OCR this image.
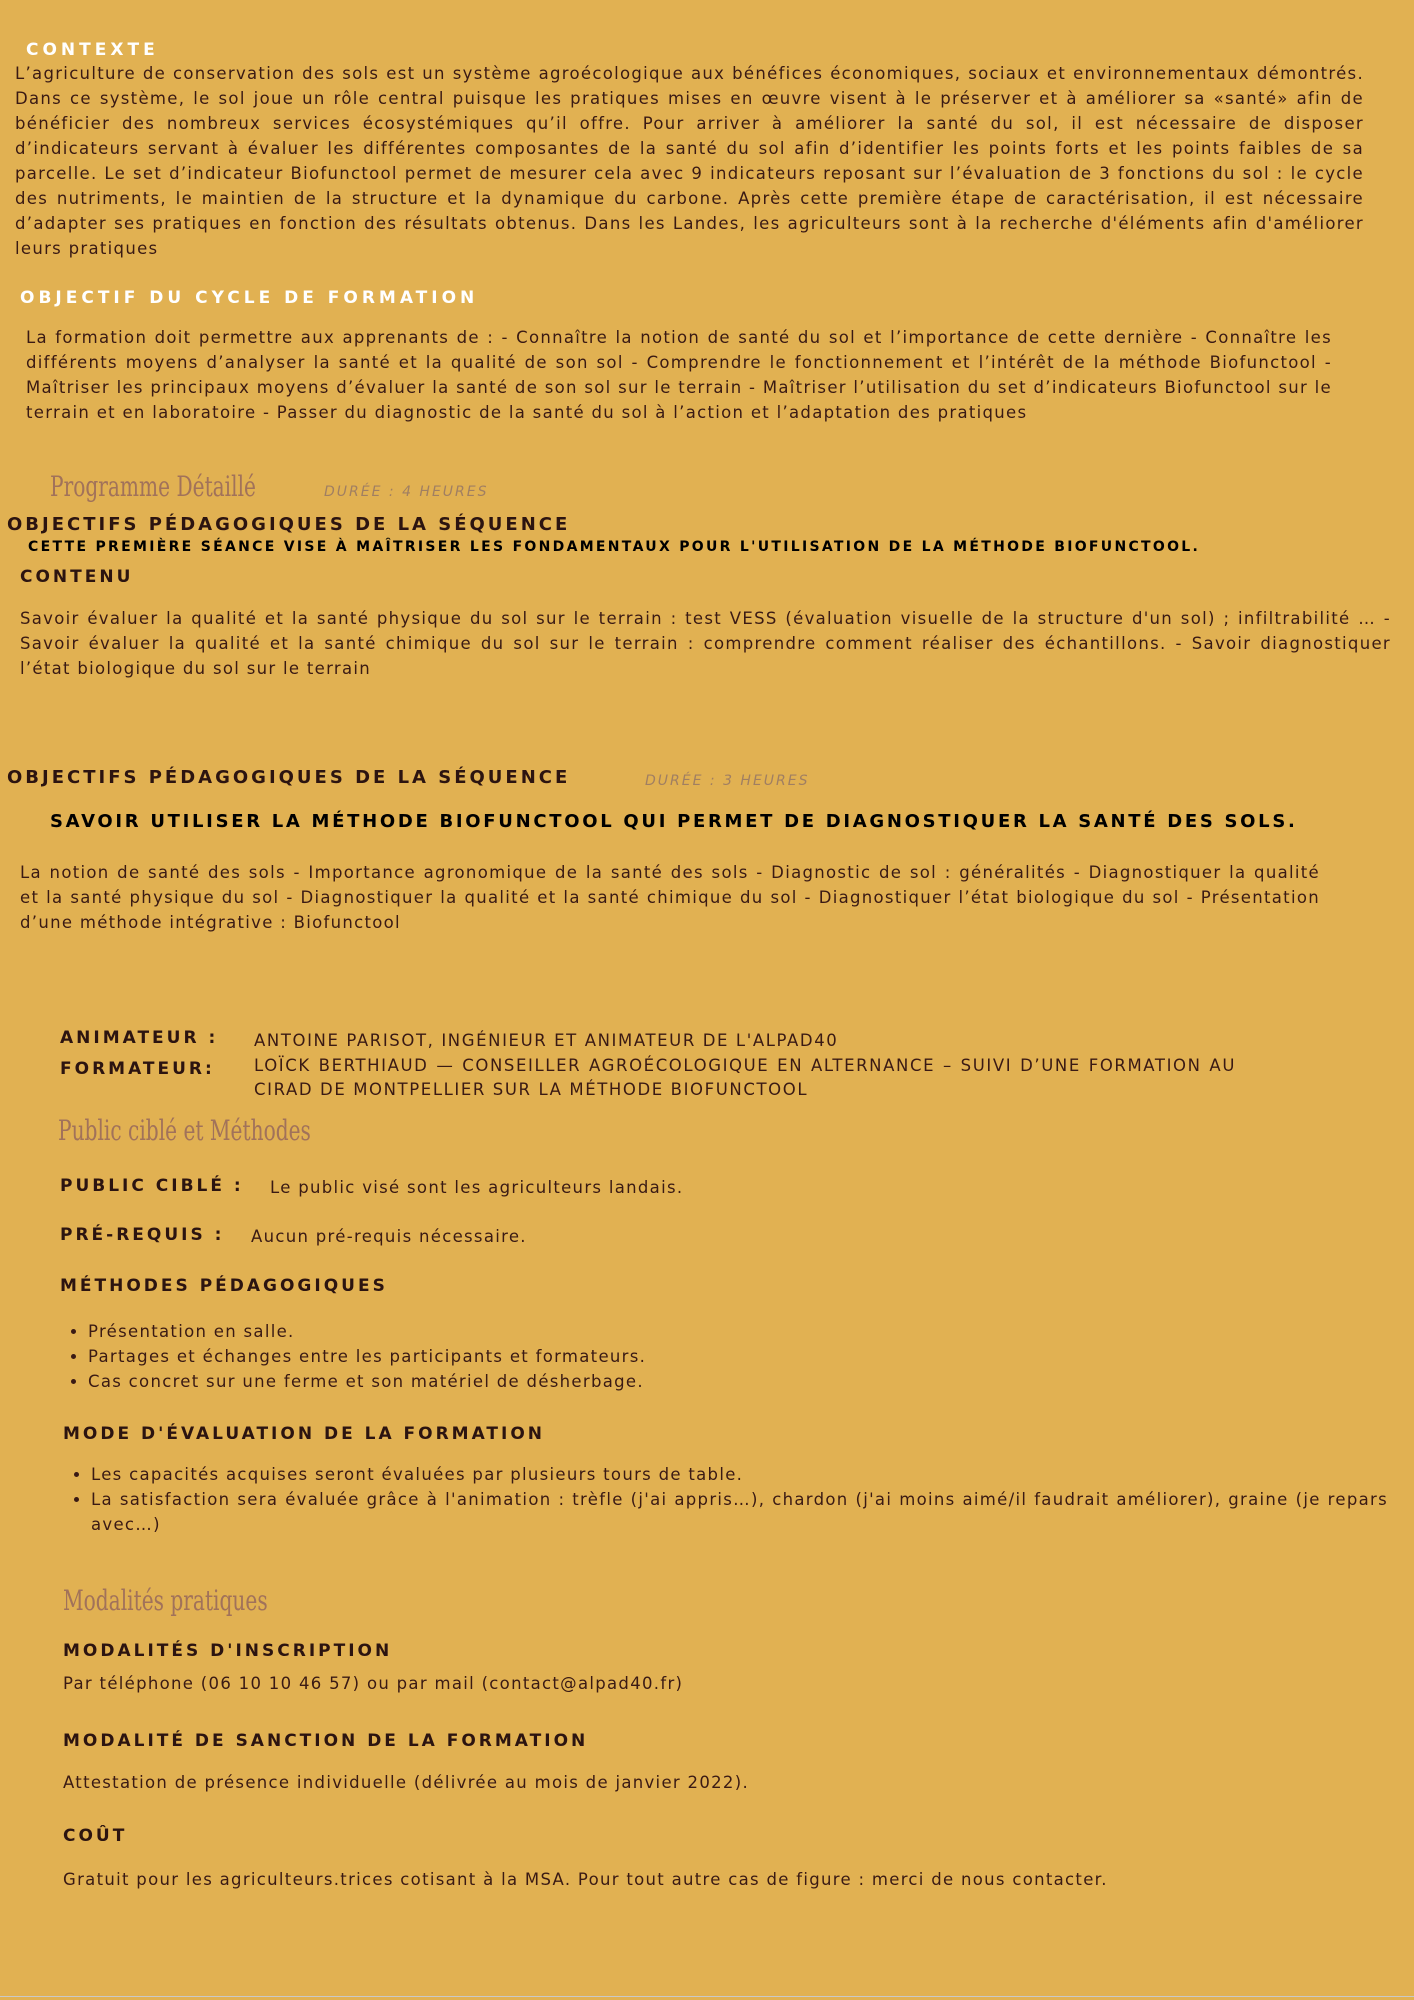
CONTEXTE
L’agriculture de conservation des sols est un système agroécologique aux bénéfices économiques, sociaux et environnementaux démontrés. Dans ce système, le sol joue un rôle central puisque les pratiques mises en œuvre visent à le préserver et à améliorer sa «santé» afin de bénéficier des nombreux services écosystémiques qu’il offre. Pour arriver à améliorer la santé du sol, il est nécessaire de disposer d’indicateurs servant à évaluer les différentes composantes de la santé du sol afin d’identifier les points forts et les points faibles de sa parcelle. Le set d’indicateur Biofunctool permet de mesurer cela avec 9 indicateurs reposant sur l’évaluation de 3 fonctions du sol : le cycle des nutriments, le maintien de la structure et la dynamique du carbone. Après cette première étape de caractérisation, il est nécessaire d’adapter ses pratiques en fonction des résultats obtenus. Dans les Landes, les agriculteurs sont à la recherche d'éléments afin d'améliorer leurs pratiques
OBJECTIF DU CYCLE DE FORMATION
La formation doit permettre aux apprenants de : - Connaître la notion de santé du sol et l’importance de cette dernière - Connaître les différents moyens d’analyser la santé et la qualité de son sol - Comprendre le fonctionnement et l’intérêt de la méthode Biofunctool - Maîtriser les principaux moyens d’évaluer la santé de son sol sur le terrain - Maîtriser l’utilisation du set d’indicateurs Biofunctool sur le terrain et en laboratoire - Passer du diagnostic de la santé du sol à l’action et l’adaptation des pratiques
Programme Détaillé	DURÉE : 4 HEURES
OBJECTIFS PÉDAGOGIQUES DE LA SÉQUENCE
CETTE PREMIÈRE SÉANCE VISE À MAÎTRISER LES FONDAMENTAUX POUR L'UTILISATION DE LA MÉTHODE BIOFUNCTOOL.
CONTENU
Savoir évaluer la qualité et la santé physique du sol sur le terrain : test VESS (évaluation visuelle de la structure d'un sol) ; infiltrabilité … - Savoir évaluer la qualité et la santé chimique du sol sur le terrain : comprendre comment réaliser des échantillons. - Savoir diagnostiquer l’état biologique du sol sur le terrain
OBJECTIFS PÉDAGOGIQUES DE LA SÉQUENCE	DURÉE : 3 HEURES
SAVOIR UTILISER LA MÉTHODE BIOFUNCTOOL QUI PERMET DE DIAGNOSTIQUER LA SANTÉ DES SOLS.
La notion de santé des sols - Importance agronomique de la santé des sols - Diagnostic de sol : généralités - Diagnostiquer la qualité et la santé physique du sol - Diagnostiquer la qualité et la santé chimique du sol - Diagnostiquer l’état biologique du sol - Présentation d’une méthode intégrative : Biofunctool
ANIMATEUR : ANTOINE PARISOT, INGÉNIEUR ET ANIMATEUR DE L'ALPAD40
FORMATEUR: LOÏCK BERTHIAUD — CONSEILLER AGROÉCOLOGIQUE EN ALTERNANCE – SUIVI D’UNE FORMATION AU CIRAD DE MONTPELLIER SUR LA MÉTHODE BIOFUNCTOOL
Public ciblé et Méthodes
PUBLIC CIBLÉ : Le public visé sont les agriculteurs landais.
PRÉ-REQUIS : Aucun pré-requis nécessaire.
MÉTHODES PÉDAGOGIQUES
• Présentation en salle.
• Partages et échanges entre les participants et formateurs.
• Cas concret sur une ferme et son matériel de désherbage.
MODE D'ÉVALUATION DE LA FORMATION
• Les capacités acquises seront évaluées par plusieurs tours de table.
• La satisfaction sera évaluée grâce à l'animation : trèfle (j'ai appris…), chardon (j'ai moins aimé/il faudrait améliorer), graine (je repars avec…)
Modalités pratiques
MODALITÉS D'INSCRIPTION
Par téléphone (06 10 10 46 57) ou par mail (contact@alpad40.fr)
MODALITÉ DE SANCTION DE LA FORMATION
Attestation de présence individuelle (délivrée au mois de janvier 2022).
COÛT
Gratuit pour les agriculteurs.trices cotisant à la MSA. Pour tout autre cas de figure : merci de nous contacter.
